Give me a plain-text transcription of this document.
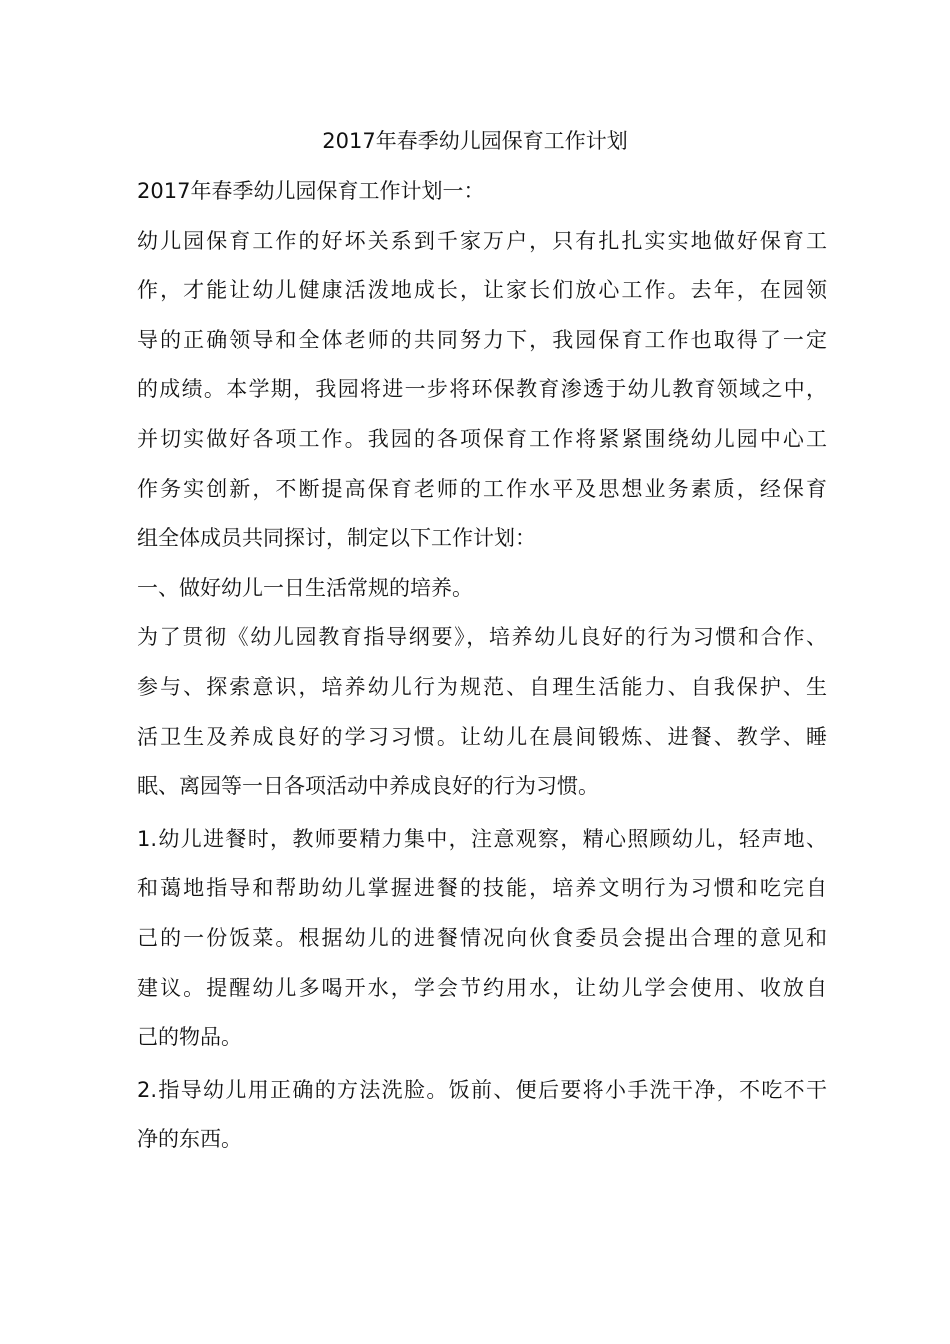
2017年春季幼儿园保育工作计划
2017年春季幼儿园保育工作计划一：
幼儿园保育工作的好坏关系到千家万户，只有扎扎实实地做好保育工
作，才能让幼儿健康活泼地成长，让家长们放心工作。去年，在园领
导的正确领导和全体老师的共同努力下，我园保育工作也取得了一定
的成绩。本学期，我园将进一步将环保教育渗透于幼儿教育领域之中，
并切实做好各项工作。我园的各项保育工作将紧紧围绕幼儿园中心工
作务实创新，不断提高保育老师的工作水平及思想业务素质，经保育
组全体成员共同探讨，制定以下工作计划：
一、做好幼儿一日生活常规的培养。
为了贯彻《幼儿园教育指导纲要》，培养幼儿良好的行为习惯和合作、
参与、探索意识，培养幼儿行为规范、自理生活能力、自我保护、生
活卫生及养成良好的学习习惯。让幼儿在晨间锻炼、进餐、教学、睡
眠、离园等一日各项活动中养成良好的行为习惯。
1.幼儿进餐时，教师要精力集中，注意观察，精心照顾幼儿，轻声地、
和蔼地指导和帮助幼儿掌握进餐的技能，培养文明行为习惯和吃完自
己的一份饭菜。根据幼儿的进餐情况向伙食委员会提出合理的意见和
建议。提醒幼儿多喝开水，学会节约用水，让幼儿学会使用、收放自
己的物品。
2.指导幼儿用正确的方法洗脸。饭前、便后要将小手洗干净，不吃不干
净的东西。
